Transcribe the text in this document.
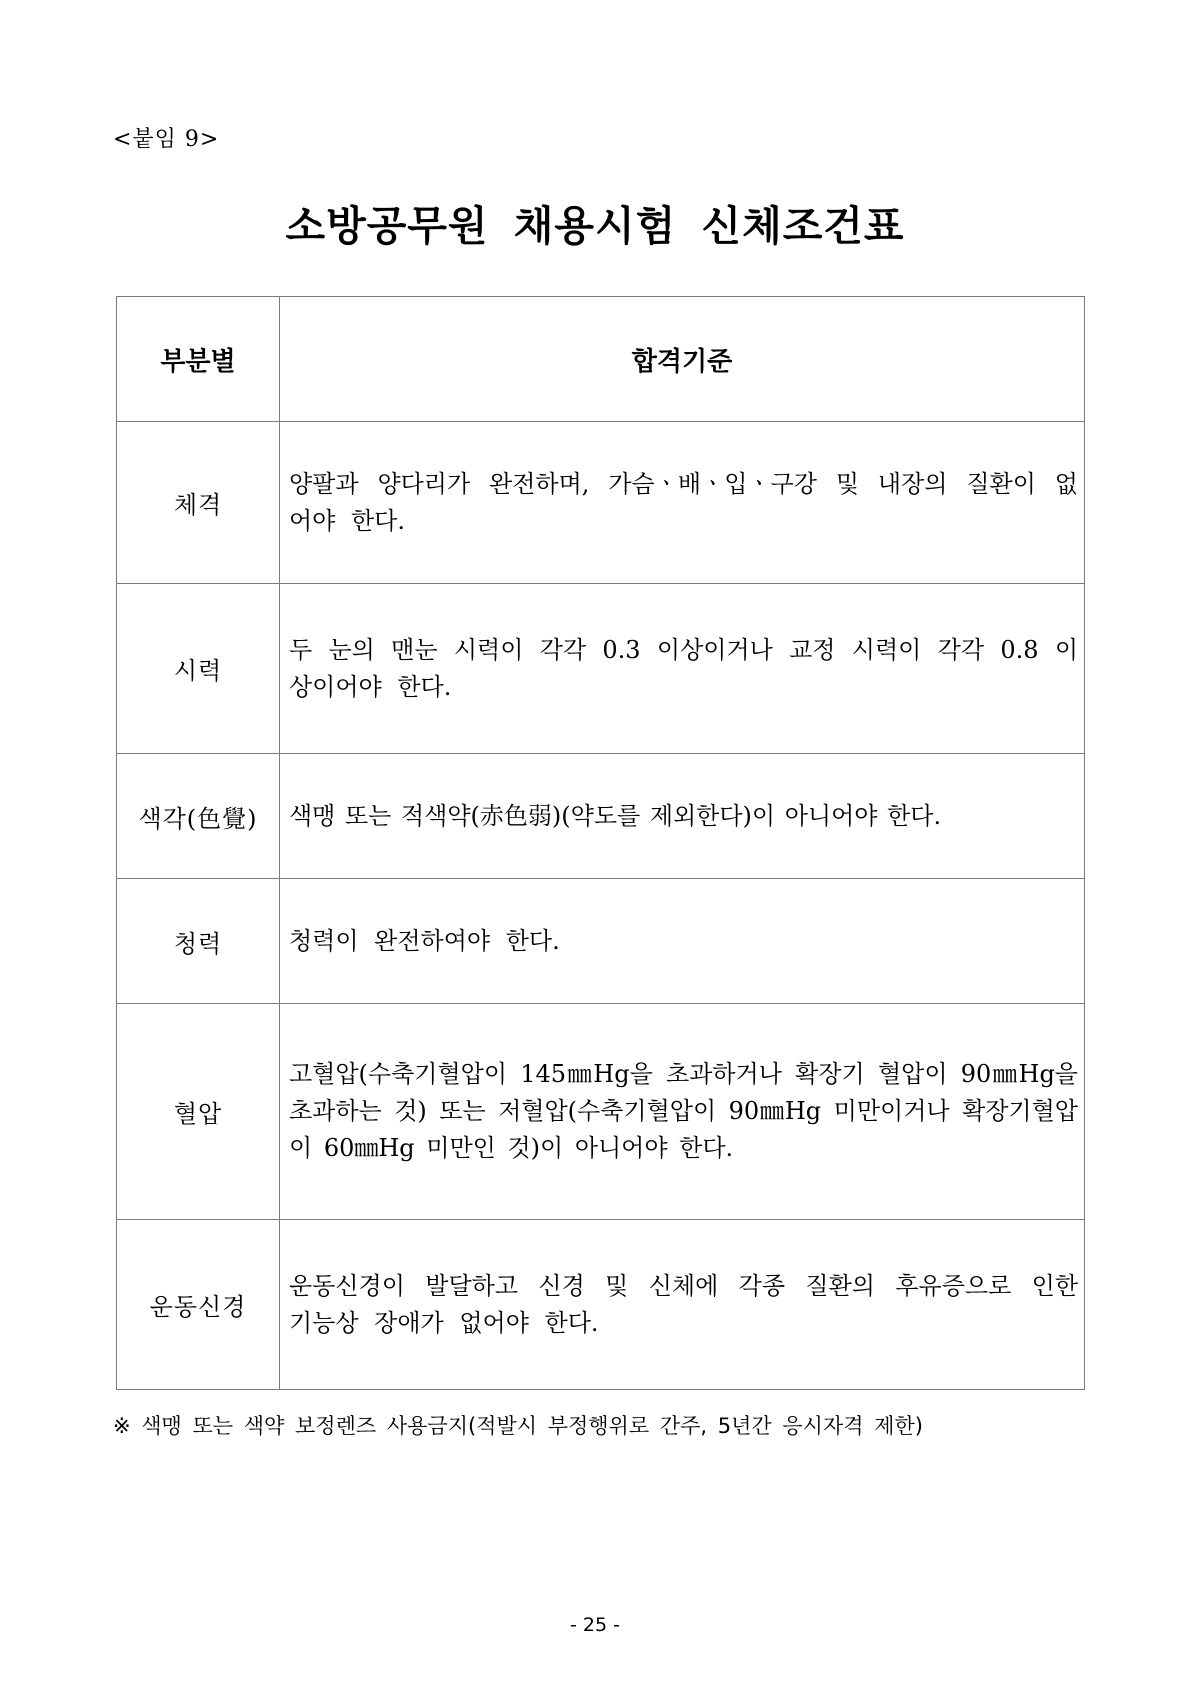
<붙임 9>
소방공무원 채용시험 신체조건표
부분별	합격기준
체격	양팔과 양다리가 완전하며, 가슴ㆍ배ㆍ입ㆍ구강 및 내장의 질환이 없어야 한다.
시력	두 눈의 맨눈 시력이 각각 0.3 이상이거나 교정 시력이 각각 0.8 이상이어야 한다.
색각(色覺)	색맹 또는 적색약(赤色弱)(약도를 제외한다)이 아니어야 한다.
청력	청력이 완전하여야 한다.
혈압	고혈압(수축기혈압이 145㎜Hg을 초과하거나 확장기 혈압이 90㎜Hg을 초과하는 것) 또는 저혈압(수축기혈압이 90㎜Hg 미만이거나 확장기혈압이 60㎜Hg 미만인 것)이 아니어야 한다.
운동신경	운동신경이 발달하고 신경 및 신체에 각종 질환의 후유증으로 인한 기능상 장애가 없어야 한다.
※ 색맹 또는 색약 보정렌즈 사용금지(적발시 부정행위로 간주, 5년간 응시자격 제한)
- 25 -
